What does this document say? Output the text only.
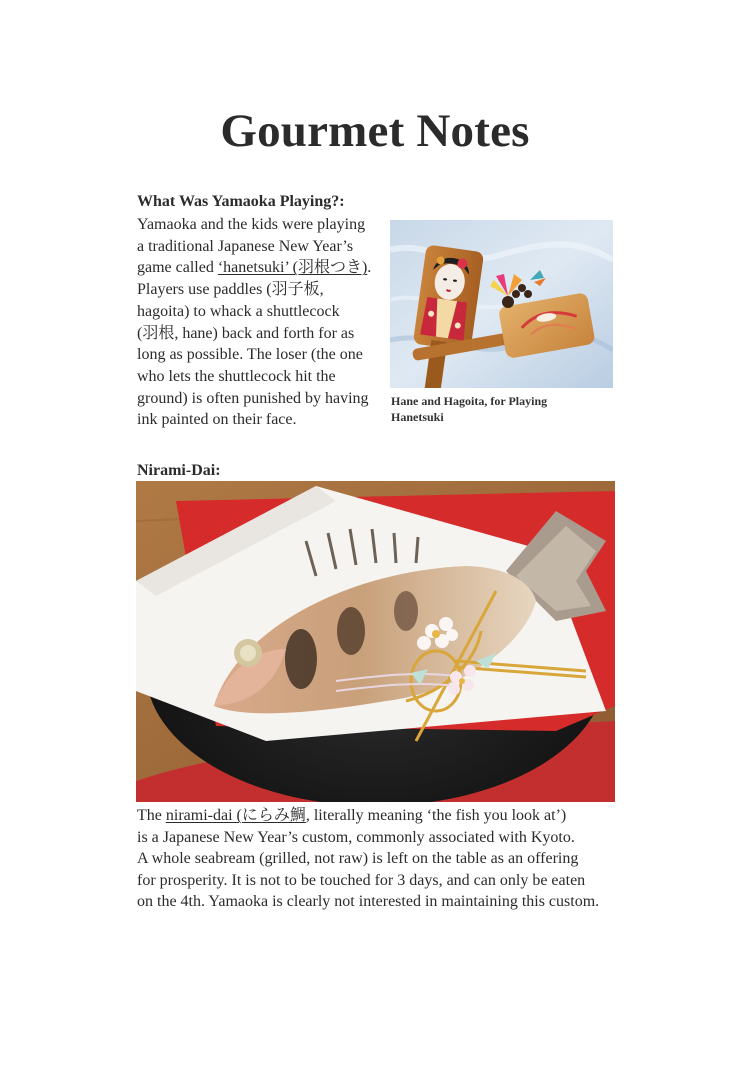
Gourmet Notes
What Was Yamaoka Playing?:
Yamaoka and the kids were playing
a traditional Japanese New Year’s
game called ‘hanetsuki’ (羽根つき).
Players use paddles (羽子板,
hagoita) to whack a shuttlecock
(羽根, hane) back and forth for as
long as possible. The loser (the one
who lets the shuttlecock hit the
ground) is often punished by having
ink painted on their face.
Hane and Hagoita, for Playing Hanetsuki
Nirami-Dai:
The nirami-dai (にらみ鯛, literally meaning ‘the fish you look at’)
is a Japanese New Year’s custom, commonly associated with Kyoto.
A whole seabream (grilled, not raw) is left on the table as an offering
for prosperity. It is not to be touched for 3 days, and can only be eaten
on the 4th. Yamaoka is clearly not interested in maintaining this custom.
